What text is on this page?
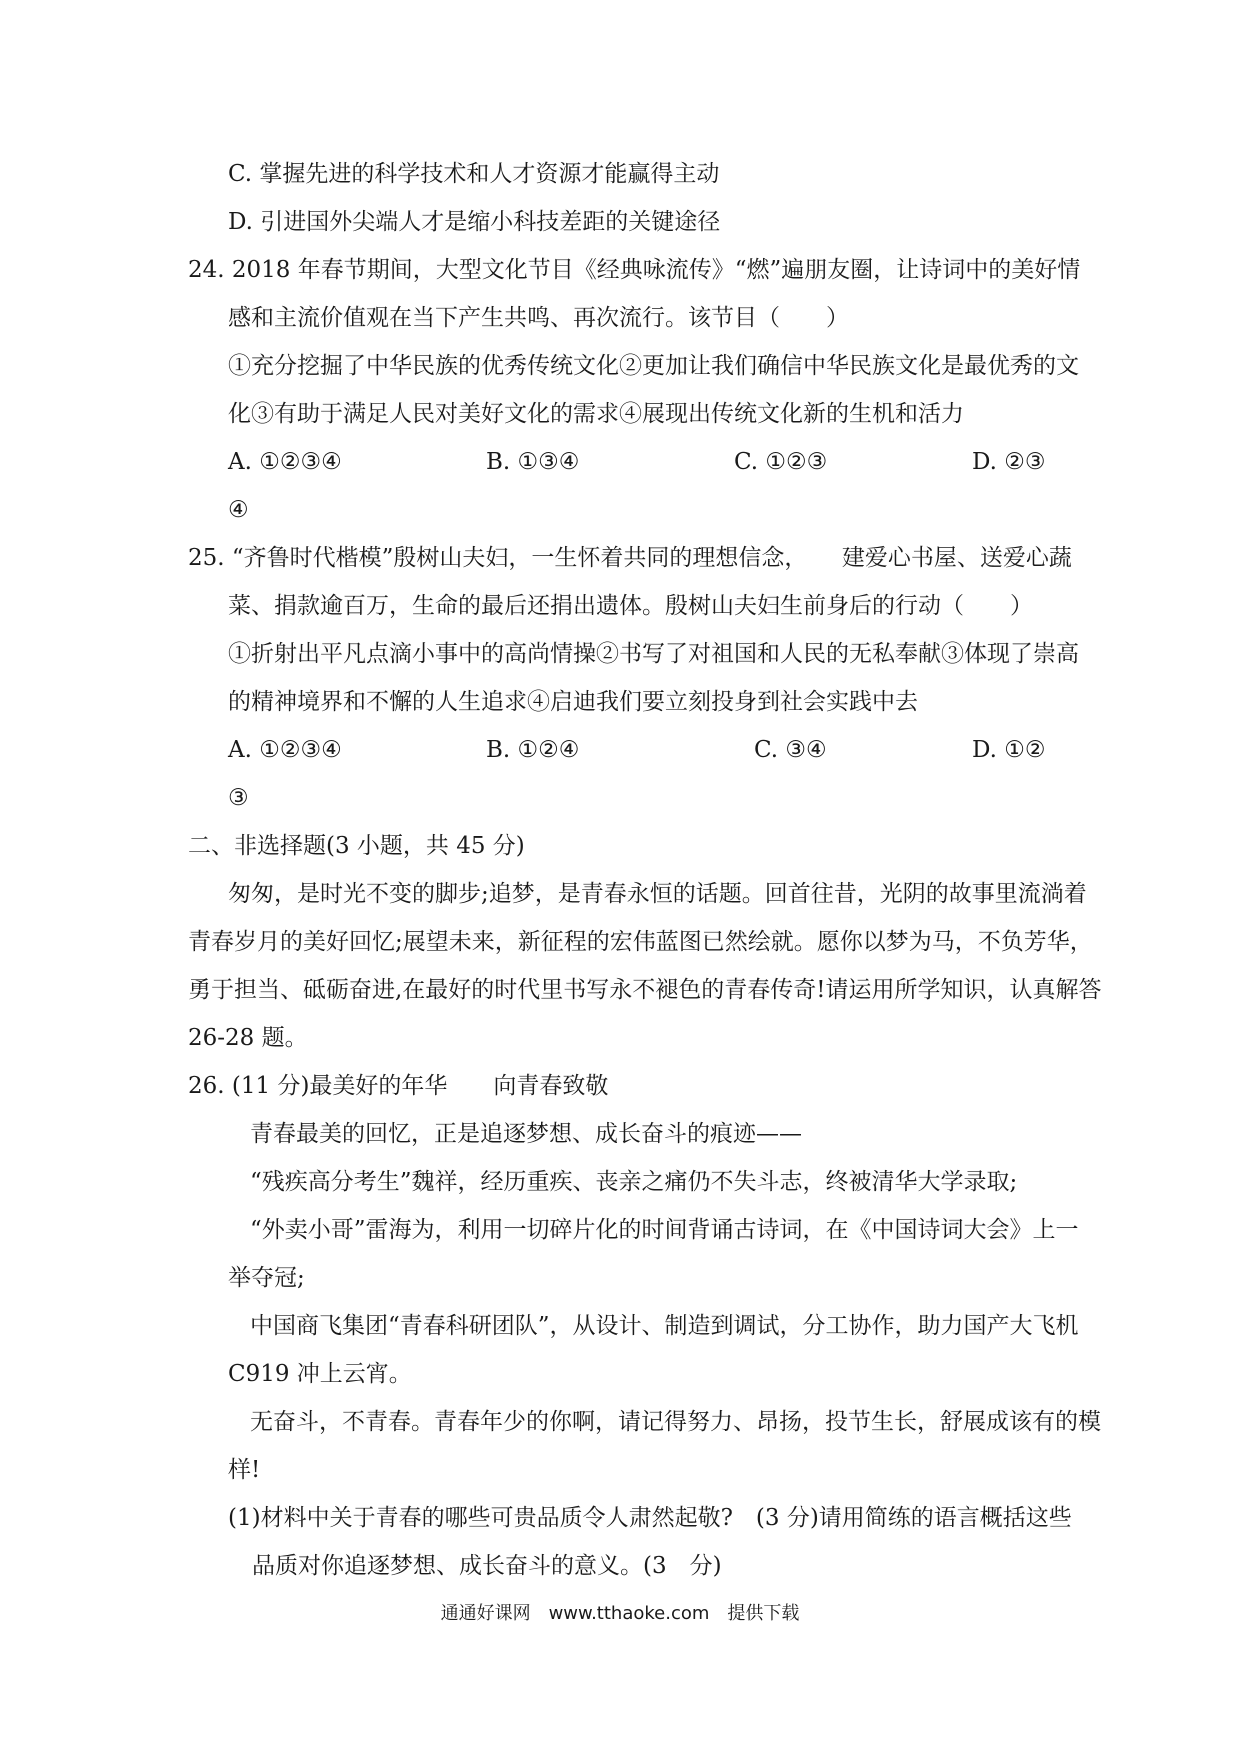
C. 掌握先进的科学技术和人才资源才能赢得主动
D. 引进国外尖端人才是缩小科技差距的关键途径
24. 2018 年春节期间，大型文化节目《经典咏流传》“燃”遍朋友圈，让诗词中的美好情
感和主流价值观在当下产生共鸣、再次流行。该节目（　　）
①充分挖掘了中华民族的优秀传统文化②更加让我们确信中华民族文化是最优秀的文
化③有助于满足人民对美好文化的需求④展现出传统文化新的生机和活力
A. ①②③④	B. ①③④	C. ①②③	D. ②③
④
25. “齐鲁时代楷模”殷树山夫妇，一生怀着共同的理想信念，　　建爱心书屋、送爱心蔬
菜、捐款逾百万，生命的最后还捐出遗体。殷树山夫妇生前身后的行动（　　）
①折射出平凡点滴小事中的高尚情操②书写了对祖国和人民的无私奉献③体现了崇高
的精神境界和不懈的人生追求④启迪我们要立刻投身到社会实践中去
A. ①②③④	B. ①②④	C. ③④	D. ①②
③
二、非选择题(3 小题，共 45 分)
匆匆，是时光不变的脚步;追梦，是青春永恒的话题。回首往昔，光阴的故事里流淌着
青春岁月的美好回忆;展望未来，新征程的宏伟蓝图已然绘就。愿你以梦为马，不负芳华，
勇于担当、砥砺奋进,在最好的时代里书写永不褪色的青春传奇!请运用所学知识，认真解答
26-28 题。
26. (11 分)最美好的年华　　向青春致敬
青春最美的回忆，正是追逐梦想、成长奋斗的痕迹——
“残疾高分考生”魏祥，经历重疾、丧亲之痛仍不失斗志，终被清华大学录取;
“外卖小哥”雷海为，利用一切碎片化的时间背诵古诗词，在《中国诗词大会》上一
举夺冠;
中国商飞集团“青春科研团队”，从设计、制造到调试，分工协作，助力国产大飞机
C919 冲上云宵。
无奋斗，不青春。青春年少的你啊，请记得努力、昂扬，投节生长，舒展成该有的模
样!
(1)材料中关于青春的哪些可贵品质令人肃然起敬?　(3 分)请用简练的语言概括这些
品质对你追逐梦想、成长奋斗的意义。(3　分)
通通好课网　www.tthaoke.com　提供下载
